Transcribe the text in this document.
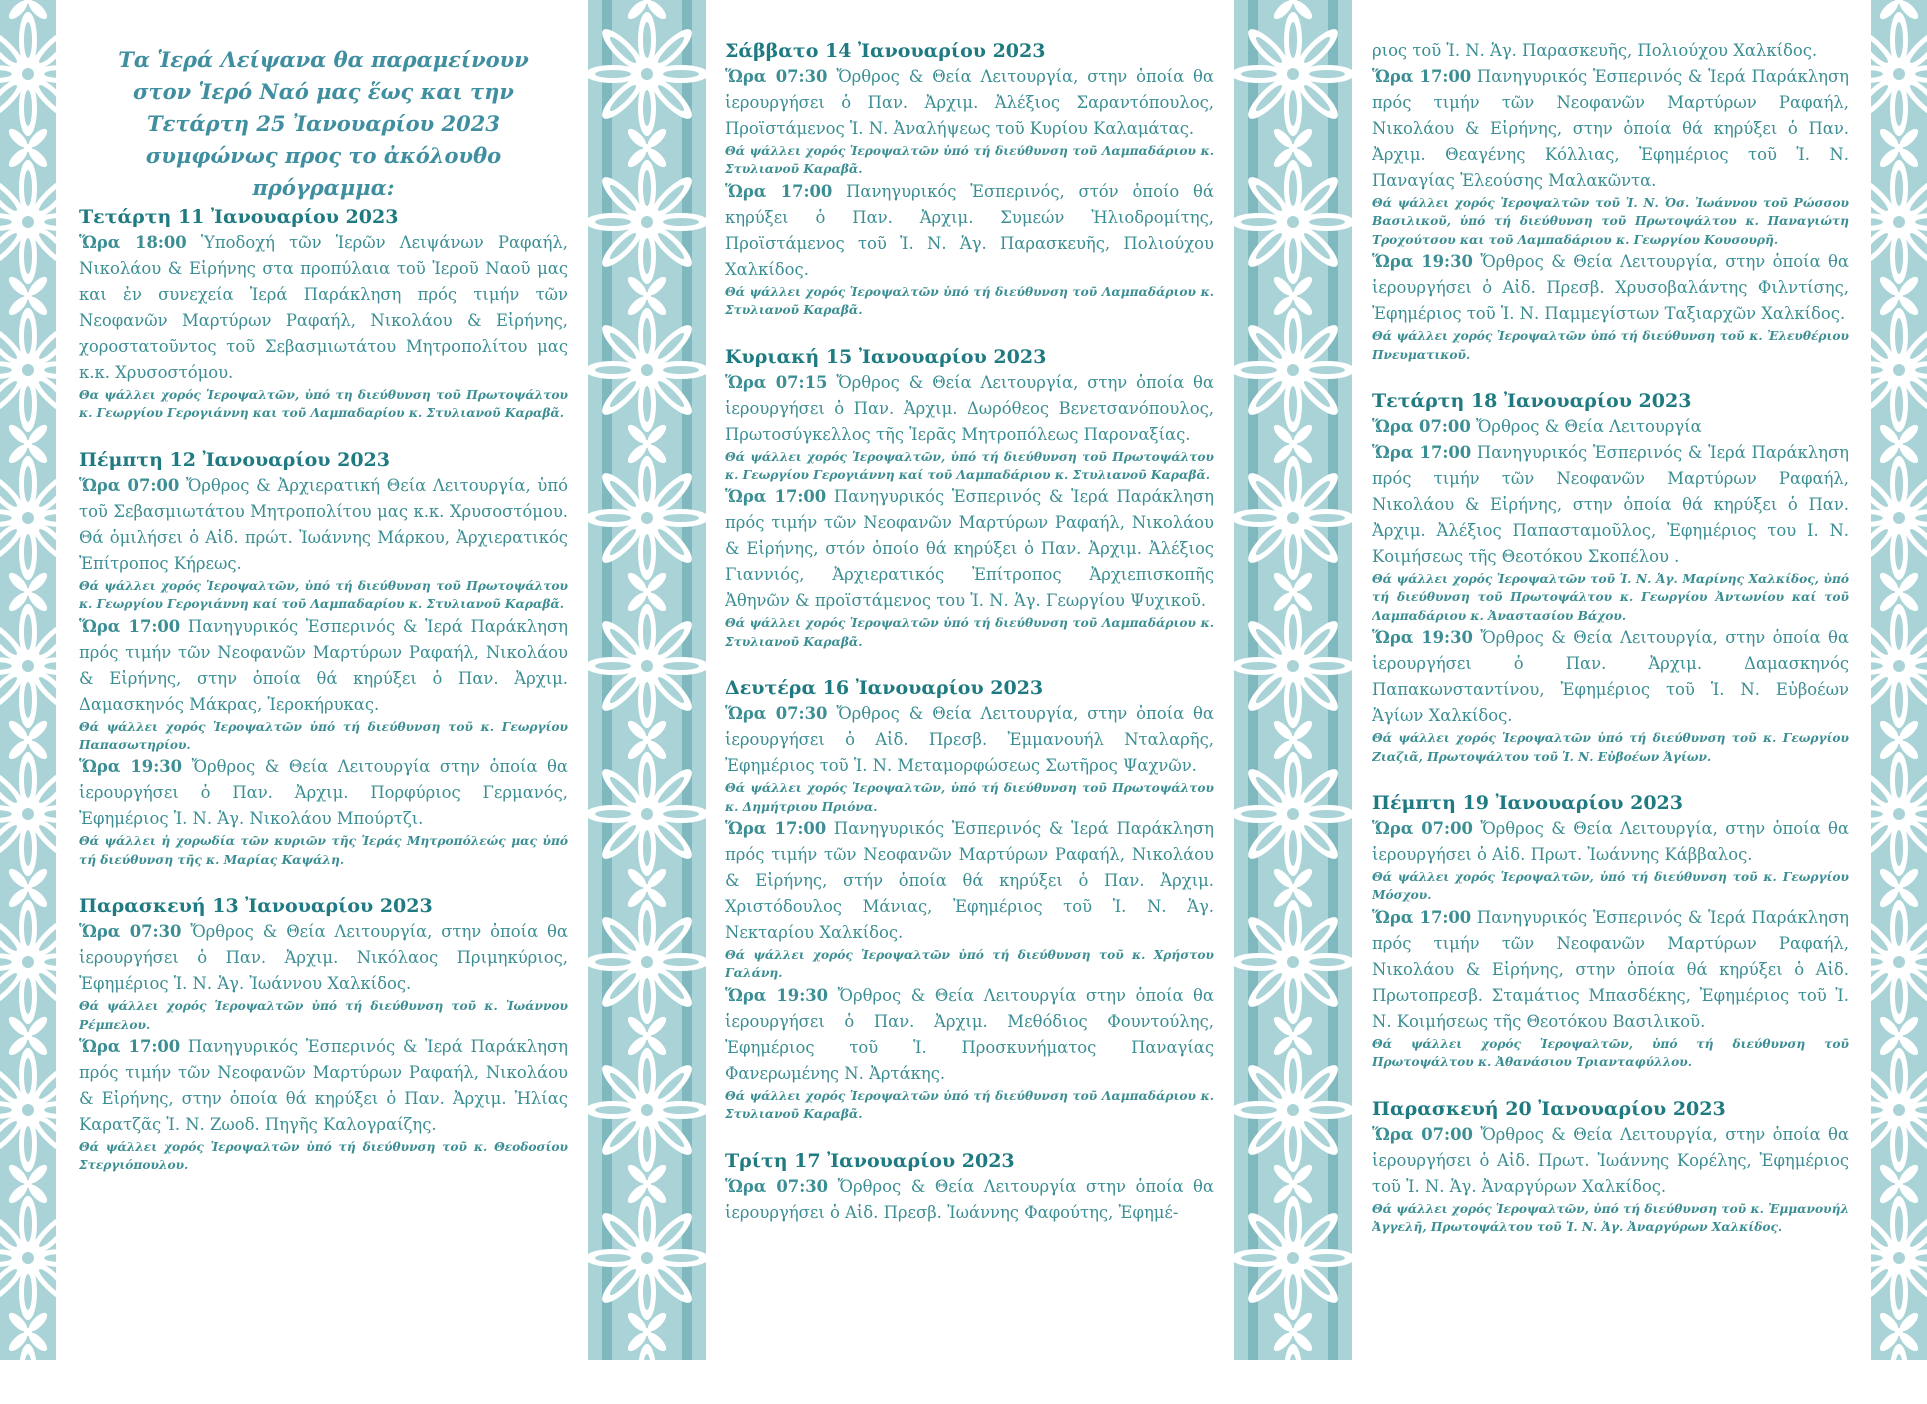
Τα Ἱερά Λείψανα θα παραμείνουν
στον Ἱερό Ναό μας ἕως και την
Τετάρτη 25 Ἰανουαρίου 2023
συμφώνως προς το ἀκόλουθο πρόγραμμα:

Τετάρτη 11 Ἰανουαρίου 2023

Ὥρα 18:00 Ὑποδοχή τῶν Ἱερῶν Λειψάνων Ραφαήλ, Νικολάου & Εἰρήνης στα προπύλαια τοῦ Ἱεροῦ Ναοῦ μας και ἐν συνεχεία Ἱερά Παράκληση πρός τιμήν τῶν Νεοφανῶν Μαρτύρων Ραφαήλ, Νικολάου & Εἰρήνης, χοροστατοῦντος τοῦ Σεβασμιωτάτου Μητροπολίτου μας κ.κ. Χρυσοστόμου.

Θα ψάλλει χορός Ἱεροψαλτῶν, ὑπό τη διεύθυνση τοῦ Πρωτοψάλτου κ. Γεωργίου Γερογιάννη και τοῦ Λαμπαδαρίου κ. Στυλιανοῦ Καραβᾶ.

Πέμπτη 12 Ἰανουαρίου 2023

Ὥρα 07:00 Ὄρθρος & Ἀρχιερατική Θεία Λειτουργία, ὑπό τοῦ Σεβασμιωτάτου Μητροπολίτου μας κ.κ. Χρυσοστόμου. Θά ὁμιλήσει ὁ Αἰδ. πρώτ. Ἰωάννης Μάρκου, Ἀρχιερατικός Ἐπίτροπος Κήρεως.

Θά ψάλλει χορός Ἱεροψαλτῶν, ὑπό τή διεύθυνση τοῦ Πρωτοψάλτου κ. Γεωργίου Γερογιάννη καί τοῦ Λαμπαδαρίου κ. Στυλιανοῦ Καραβᾶ.

Ὥρα 17:00 Πανηγυρικός Ἑσπερινός & Ἱερά Παράκληση πρός τιμήν τῶν Νεοφανῶν Μαρτύρων Ραφαήλ, Νικολάου & Εἰρήνης, στην ὁποία θά κηρύξει ὁ Παν. Ἀρχιμ. Δαμασκηνός Μάκρας, Ἱεροκήρυκας.

Θά ψάλλει χορός Ἱεροψαλτῶν ὑπό τή διεύθυνση τοῦ κ. Γεωργίου Παπασωτηρίου.

Ὥρα 19:30 Ὄρθρος & Θεία Λειτουργία στην ὁποία θα ἱερουργήσει ὁ Παν. Ἀρχιμ. Πορφύριος Γερμανός, Ἐφημέριος Ἱ. Ν. Ἁγ. Νικολάου Μπούρτζι.

Θά ψάλλει ἡ χορωδία τῶν κυριῶν τῆς Ἱεράς Μητροπόλεώς μας ὑπό τή διεύθυνση τῆς κ. Μαρίας Καψάλη.

Παρασκευή 13 Ἰανουαρίου 2023

Ὥρα 07:30 Ὄρθρος & Θεία Λειτουργία, στην ὁποία θα ἱερουργήσει ὁ Παν. Ἀρχιμ. Νικόλαος Πριμηκύριος, Ἐφημέριος Ἱ. Ν. Ἁγ. Ἰωάννου Χαλκίδος.

Θά ψάλλει χορός Ἱεροψαλτῶν ὑπό τή διεύθυνση τοῦ κ. Ἰωάννου Ρέμπελου.

Ὥρα 17:00 Πανηγυρικός Ἑσπερινός & Ἱερά Παράκληση πρός τιμήν τῶν Νεοφανῶν Μαρτύρων Ραφαήλ, Νικολάου & Εἰρήνης, στην ὁποία θά κηρύξει ὁ Παν. Ἀρχιμ. Ἠλίας Καρατζᾶς Ἱ. Ν. Ζωοδ. Πηγῆς Καλογραίζης.

Θά ψάλλει χορός Ἱεροψαλτῶν ὑπό τή διεύθυνση τοῦ κ. Θεοδοσίου Στεργιόπουλου.

Σάββατο 14 Ἰανουαρίου 2023

Ὥρα 07:30 Ὄρθρος & Θεία Λειτουργία, στην ὁποία θα ἱερουργήσει ὁ Παν. Ἀρχιμ. Ἀλέξιος Σαραντόπουλος, Προϊστάμενος Ἱ. Ν. Ἀναλήψεως τοῦ Κυρίου Καλαμάτας.

Θά ψάλλει χορός Ἱεροψαλτῶν ὑπό τή διεύθυνση τοῦ Λαμπαδάριου κ. Στυλιανοῦ Καραβᾶ.

Ὥρα 17:00 Πανηγυρικός Ἑσπερινός, στόν ὁποίο θά κηρύξει ὁ Παν. Ἀρχιμ. Συμεών Ἠλιοδρομίτης, Προϊστάμενος τοῦ Ἱ. Ν. Ἁγ. Παρασκευῆς, Πολιούχου Χαλκίδος.

Θά ψάλλει χορός Ἱεροψαλτῶν ὑπό τή διεύθυνση τοῦ Λαμπαδάριου κ. Στυλιανοῦ Καραβᾶ.

Κυριακή 15 Ἰανουαρίου 2023

Ὥρα 07:15 Ὄρθρος & Θεία Λειτουργία, στην ὁποία θα ἱερουργήσει ὁ Παν. Ἀρχιμ. Δωρόθεος Βενετσανόπουλος, Πρωτοσύγκελλος τῆς Ἱερᾶς Μητροπόλεως Παροναξίας.

Θά ψάλλει χορός Ἱεροψαλτῶν, ὑπό τή διεύθυνση τοῦ Πρωτοψάλτου κ. Γεωργίου Γερογιάννη καί τοῦ Λαμπαδάριου κ. Στυλιανοῦ Καραβᾶ.

Ὥρα 17:00 Πανηγυρικός Ἑσπερινός & Ἱερά Παράκληση πρός τιμήν τῶν Νεοφανῶν Μαρτύρων Ραφαήλ, Νικολάου & Εἰρήνης, στόν ὁποίο θά κηρύξει ὁ Παν. Ἀρχιμ. Ἀλέξιος Γιαννιός, Ἀρχιερατικός Ἐπίτροπος Ἀρχιεπισκοπῆς Ἀθηνῶν & προϊστάμενος του Ἱ. Ν. Ἁγ. Γεωργίου Ψυχικοῦ.

Θά ψάλλει χορός Ἱεροψαλτῶν ὑπό τή διεύθυνση τοῦ Λαμπαδάριου κ. Στυλιανοῦ Καραβᾶ.

Δευτέρα 16 Ἰανουαρίου 2023

Ὥρα 07:30 Ὄρθρος & Θεία Λειτουργία, στην ὁποία θα ἱερουργήσει ὁ Αἰδ. Πρεσβ. Ἐμμανουήλ Νταλαρῆς, Ἐφημέριος τοῦ Ἱ. Ν. Μεταμορφώσεως Σωτῆρος Ψαχνῶν.

Θά ψάλλει χορός Ἱεροψαλτῶν, ὑπό τή διεύθυνση τοῦ Πρωτοψάλτου κ. Δημήτριου Πριόνα.

Ὥρα 17:00 Πανηγυρικός Ἑσπερινός & Ἱερά Παράκληση πρός τιμήν τῶν Νεοφανῶν Μαρτύρων Ραφαήλ, Νικολάου & Εἰρήνης, στήν ὁποία θά κηρύξει ὁ Παν. Ἀρχιμ. Χριστόδουλος Μάνιας, Ἐφημέριος τοῦ Ἱ. Ν. Ἁγ. Νεκταρίου Χαλκίδος.

Θά ψάλλει χορός Ἱεροψαλτῶν ὑπό τή διεύθυνση τοῦ κ. Χρήστου Γαλάνη.

Ὥρα 19:30 Ὄρθρος & Θεία Λειτουργία στην ὁποία θα ἱερουργήσει ὁ Παν. Ἀρχιμ. Μεθόδιος Φουντούλης, Ἐφημέριος τοῦ Ἱ. Προσκυνήματος Παναγίας Φανερωμένης Ν. Ἀρτάκης.

Θά ψάλλει χορός Ἱεροψαλτῶν ὑπό τή διεύθυνση τοῦ Λαμπαδάριου κ. Στυλιανοῦ Καραβᾶ.

Τρίτη 17 Ἰανουαρίου 2023

Ὥρα 07:30 Ὄρθρος & Θεία Λειτουργία στην ὁποία θα ἱερουργήσει ὁ Αἰδ. Πρεσβ. Ἰωάννης Φαφούτης, Ἐφημέ-

ριος τοῦ Ἱ. Ν. Ἁγ. Παρασκευῆς, Πολιούχου Χαλκίδος.

Ὥρα 17:00 Πανηγυρικός Ἑσπερινός & Ἱερά Παράκληση πρός τιμήν τῶν Νεοφανῶν Μαρτύρων Ραφαήλ, Νικολάου & Εἰρήνης, στην ὁποία θά κηρύξει ὁ Παν. Ἀρχιμ. Θεαγένης Κόλλιας, Ἐφημέριος τοῦ Ἱ. Ν. Παναγίας Ἐλεούσης Μαλακῶντα.

Θά ψάλλει χορός Ἱεροψαλτῶν τοῦ Ἱ. Ν. Ὁσ. Ἰωάννου τοῦ Ρώσσου Βασιλικοῦ, ὑπό τή διεύθυνση τοῦ Πρωτοψάλτου κ. Παναγιώτη Τροχούτσου και τοῦ Λαμπαδάριου κ. Γεωργίου Κουσουρῆ.

Ὥρα 19:30 Ὄρθρος & Θεία Λειτουργία, στην ὁποία θα ἱερουργήσει ὁ Αἰδ. Πρεσβ. Χρυσοβαλάντης Φιλντίσης, Ἐφημέριος τοῦ Ἱ. Ν. Παμμεγίστων Ταξιαρχῶν Χαλκίδος.

Θά ψάλλει χορός Ἱεροψαλτῶν ὑπό τή διεύθυνση τοῦ κ. Ἐλευθέριου Πνευματικοῦ.

Τετάρτη 18 Ἰανουαρίου 2023

Ὥρα 07:00 Ὄρθρος & Θεία Λειτουργία

Ὥρα 17:00 Πανηγυρικός Ἑσπερινός & Ἱερά Παράκληση πρός τιμήν τῶν Νεοφανῶν Μαρτύρων Ραφαήλ, Νικολάου & Εἰρήνης, στην ὁποία θά κηρύξει ὁ Παν. Ἀρχιμ. Ἀλέξιος Παπασταμοῦλος, Ἐφημέριος του Ι. Ν. Κοιμήσεως τῆς Θεοτόκου Σκοπέλου .

Θά ψάλλει χορός Ἱεροψαλτῶν τοῦ Ἱ. Ν. Ἁγ. Μαρίνης Χαλκίδος, ὑπό τή διεύθυνση τοῦ Πρωτοψάλτου κ. Γεωργίου Ἀντωνίου καί τοῦ Λαμπαδάριου κ. Ἀναστασίου Βάχου.

Ὥρα 19:30 Ὄρθρος & Θεία Λειτουργία, στην ὁποία θα ἱερουργήσει ὁ Παν. Ἀρχιμ. Δαμασκηνός Παπακωνσταντίνου, Ἐφημέριος τοῦ Ἱ. Ν. Εὐβοέων Ἁγίων Χαλκίδος.

Θά ψάλλει χορός Ἱεροψαλτῶν ὑπό τή διεύθυνση τοῦ κ. Γεωργίου Ζιαζιᾶ, Πρωτοψάλτου τοῦ Ἱ. Ν. Εὐβοέων Ἁγίων.

Πέμπτη 19 Ἰανουαρίου 2023

Ὥρα 07:00 Ὄρθρος & Θεία Λειτουργία, στην ὁποία θα ἱερουργήσει ὁ Αἰδ. Πρωτ. Ἰωάννης Κάββαλος.

Θά ψάλλει χορός Ἱεροψαλτῶν, ὑπό τή διεύθυνση τοῦ κ. Γεωργίου Μόσχου.

Ὥρα 17:00 Πανηγυρικός Ἑσπερινός & Ἱερά Παράκληση πρός τιμήν τῶν Νεοφανῶν Μαρτύρων Ραφαήλ, Νικολάου & Εἰρήνης, στην ὁποία θά κηρύξει ὁ Αἰδ. Πρωτοπρεσβ. Σταμάτιος Μπασδέκης, Ἐφημέριος τοῦ Ἱ. Ν. Κοιμήσεως τῆς Θεοτόκου Βασιλικοῦ.

Θά ψάλλει χορός Ἱεροψαλτῶν, ὑπό τή διεύθυνση τοῦ Πρωτοψάλτου κ. Ἀθανάσιου Τριανταφύλλου.

Παρασκευή 20 Ἰανουαρίου 2023

Ὥρα 07:00 Ὄρθρος & Θεία Λειτουργία, στην ὁποία θα ἱερουργήσει ὁ Αἰδ. Πρωτ. Ἰωάννης Κορέλης, Ἐφημέριος τοῦ Ἱ. Ν. Ἁγ. Ἀναργύρων Χαλκίδος.

Θά ψάλλει χορός Ἱεροψαλτῶν, ὑπό τή διεύθυνση τοῦ κ. Ἐμμανουήλ Ἀγγελῆ, Πρωτοψάλτου τοῦ Ἱ. Ν. Ἁγ. Ἀναργύρων Χαλκίδος.
